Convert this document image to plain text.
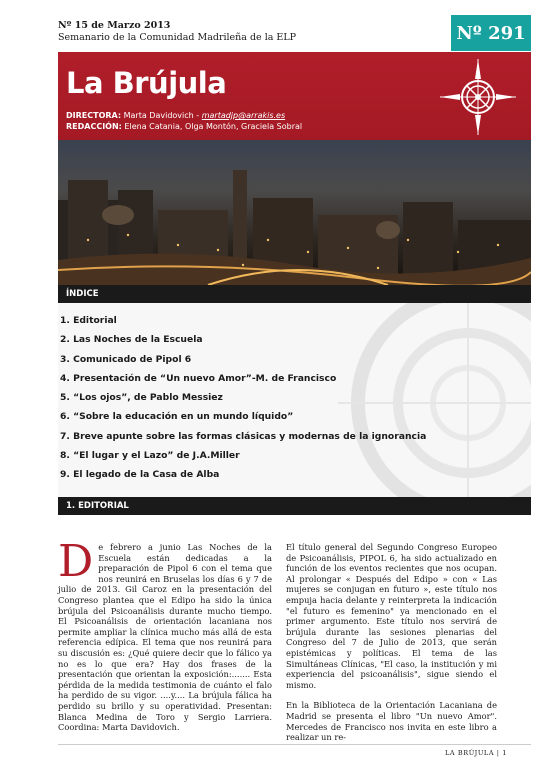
Nº 15 de Marzo 2013
Semanario de la Comunidad Madrileña de la ELP	Nº 291
La Brújula
DIRECTORA: Marta Davidovich - martadjp@arrakis.es
REDACCIÓN: Elena Catania, Olga Montón, Graciela Sobral
ÍNDICE
1. Editorial
2. Las Noches de la Escuela
3. Comunicado de Pipol 6
4. Presentación de “Un nuevo Amor”-M. de Francisco
5. “Los ojos”, de Pablo Messiez
6. “Sobre la educación en un mundo líquido”
7. Breve apunte sobre las formas clásicas y modernas de la ignorancia
8. “El lugar y el Lazo” de J.A.Miller
9. El legado de la Casa de Alba
1. EDITORIAL

D e febrero a junio Las Noches de la Escuela están dedicadas a la preparación de Pipol 6 con el tema que nos reunirá en Bruselas los días 6 y 7 de julio de 2013. Gil Caroz en la presentación del Congreso plantea que el Edipo ha sido la única brújula del Psicoanálisis durante mucho tiempo. El Psicoanálisis de orientación lacaniana nos permite ampliar la clínica mucho más allá de esta referencia edípica. El tema que nos reunirá para su discusión es: ¿Qué quiere decir que lo fálico ya no es lo que era? Hay dos frases de la presentación que orientan la exposición:....... Esta pérdida de la medida testimonia de cuánto el falo ha perdido de su vigor. ....y.... La brújula fálica ha perdido su brillo y su operatividad. Presentan: Blanca Medina de Toro y Sergio Larriera. Coordina: Marta Davidovich.

El título general del Segundo Congreso Europeo de Psicoanálisis, PIPOL 6, ha sido actualizado en función de los eventos recientes que nos ocupan. Al prolongar « Después del Edipo » con « Las mujeres se conjugan en futuro », este título nos empuja hacia delante y reinterpreta la indicación "el futuro es femenino" ya mencionado en el primer argumento. Este título nos servirá de brújula durante las sesiones plenarias del Congreso del 7 de Julio de 2013, que serán epistémicas y políticas. El tema de las Simultáneas Clínicas, "El caso, la institución y mi experiencia del psicoanálisis", sigue siendo el mismo.

En la Biblioteca de la Orientación Lacaniana de Madrid se presenta el libro "Un nuevo Amor". Mercedes de Francisco nos invita en este libro a realizar un re-

LA BRÚJULA | 1
